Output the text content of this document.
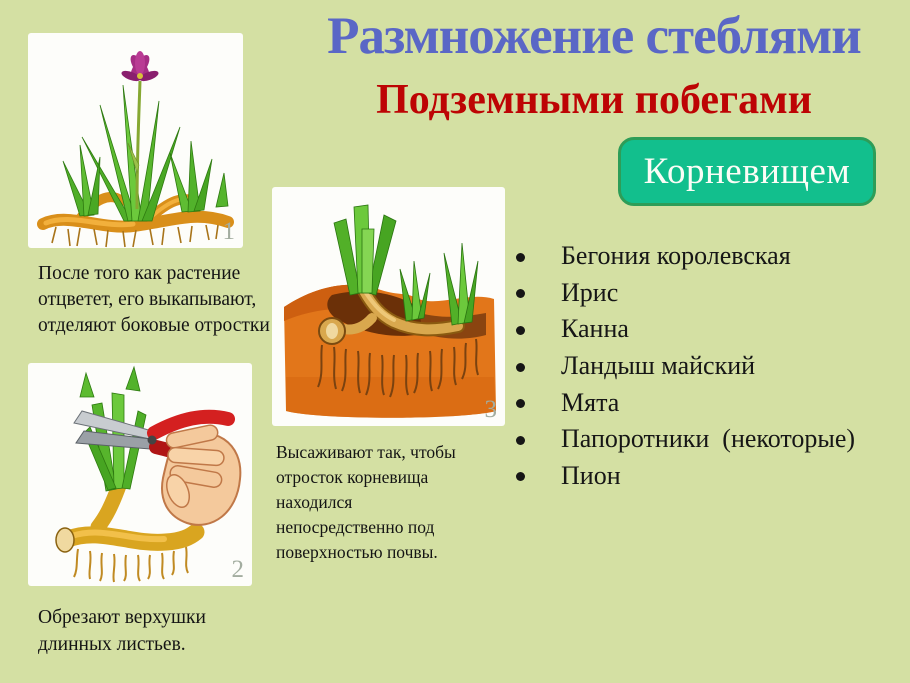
Размножение стеблями
Подземными побегами
Корневищем
1
2
3
После того как растение
отцветет, его выкапывают,
отделяют боковые отростки
Обрезают верхушки
длинных листьев.
Высаживают так, чтобы
отросток корневища
находился
непосредственно под
поверхностью почвы.
Бегония королевская
Ирис
Канна
Ландыш майский
Мята
Папоротники  (некоторые)
Пион
